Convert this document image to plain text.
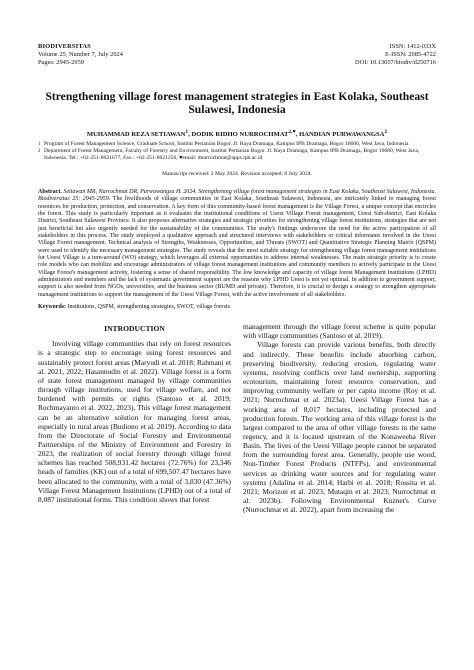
BIODIVERSITAS
Volume 25, Number 7, July 2024
Pages: 2945-2959
ISSN: 1412-033X
E-ISSN: 2085-4722
DOI: 10.13057/biodiv/d250716
Strengthening village forest management strategies in East Kolaka, Southeast Sulawesi, Indonesia
MUHAMMAD REZA SETIAWAN$^1$, DODIK RIDHO $NURROCHMAT^{2,♥}$, HANDIAN PURWAWANGSA$^2$
1 Program of Forest Management Science, Graduate School, Institut Pertanian Bogor. Jl. Raya Dramaga, Kampus IPB Dramaga, Bogor 16680, West Java, Indonesia
2 Department of Forest Management, Faculty of Forestry and Environment, Institut Pertanian Bogor. Jl. Raya Dramaga, Kampus IPB Dramaga, Bogor 16680, West Java, Indonesia. Tel.: +62-251-8621677, Fax.: +62-251-8621256, ♥email: dnurrochmat@apps.ipb.ac.id
Manuscript received: 2 May 2024. Revision accepted: 8 July 2024.
Abstract. Setiawan MR, Nurrochmat DR, Purwawangsa H. 2024. Strengthening village forest management strategies in East Kolaka, Southeast Sulawesi, Indonesia. Biodiversitas 25: 2945-2959. The livelihoods of village communities in East Kolaka, Southeast Sulawesi, Indonesia, are intricately linked to managing forest resources for production, protection, and conservation. A key form of this community-based forest management is the Village Forest, a unique concept that encircles the forest. This study is particularly important as it evaluates the institutional conditions of Ueesi Village Forest management, Ueesi Sub-district, East Kolaka District, Southeast Sulawesi Province. It also proposes alternative strategies and strategic priorities for strengthening village forest institutions, strategies that are not just beneficial but also urgently needed for the sustainability of the communities. The study's findings underscore the need for the active participation of all stakeholders in this process. The study employed a qualitative approach and structured interviews with stakeholders or critical informants involved in the Ueesi Village Forest management. Technical analysis of Strengths, Weaknesses, Opportunities, and Threats (SWOT) and Quantitative Strategic Planning Matrix (QSPM) were used to identify the necessary management strategies. The study reveals that the most suitable strategy for strengthening village forest management institutions for Ueesi Village is a turn-around (WO) strategy, which leverages all external opportunities to address internal weaknesses. The main strategic priority is to create role models who can mobilize and encourage administrators of village forest management institutions and community members to actively participate in the Ueesi Village Forest's management activity, fostering a sense of shared responsibility. The low knowledge and capacity of village forest Management Institutions (LPHD) administrators and members and the lack of systematic government support are the reasons why LPHD Ueesi is not yet optimal. In addition to government support, support is also needed from NGOs, universities, and the business sector (BUMD and private). Therefore, it is crucial to design a strategy to strengthen appropriate management institutions to support the management of the Ueesi Village Forest, with the active involvement of all stakeholders.
Keywords: Institutions, QSPM, strengthening strategies, SWOT, village forests
INTRODUCTION

Involving village communities that rely on forest resources is a strategic step to encourage using forest resources and sustainably protect forest areas (Maryudi et al. 2018; Rahmani et al. 2021, 2022; Hasannudin et al. 2022). Village forest is a form of state forest management managed by village communities through village institutions, used for village welfare, and not burdened with permits or rights (Santoso et al. 2019; Rochmayanto et al. 2022, 2023). This village forest management can be an alternative solution for managing forest areas, especially in rural areas (Budiono et al. 2019). According to data from the Directorate of Social Forestry and Environmental Partnerships of the Ministry of Environment and Forestry in 2023, the realization of social forestry through village forest schemes has reached 508,931.42 hectares (72.76%) for 23,346 heads of families (KK) out of a total of 699,507.47 hectares have been allocated to the community, with a total of 3,830 (47.36%) Village Forest Management Institutions (LPHD) out of a total of 8,087 institutional forms. This condition shows that forest

management through the village forest scheme is quite popular with village communities (Santoso et al. 2019).

Village forests can provide various benefits, both directly and indirectly. These benefits include absorbing carbon, preserving biodiversity, reducing erosion, regulating water systems, resolving conflicts over land ownership, supporting ecotourism, maintaining forest resource conservation, and improving community welfare or per capita income (Roy et al. 2021; Nurrochmat et al. 2023a). Ueesi Village Forest has a working area of 8,017 hectares, including protected and production forests. The working area of this village forest is the largest compared to the area of other village forests in the same regency, and it is located upstream of the Konaweeha River Basin. The lives of the Ueesi Village people cannot be separated from the surrounding forest area. Generally, people use wood, Non-Timber Forest Products (NTFPs), and environmental services as drinking water sources and for regulating water systems (Adalina et al. 2014; Harbi et al. 2018; Rossita et al. 2021; Morizon et al. 2023; Mutaqin et al. 2023; Nurrochmat et al. 2023b). Following Environmental Kuznet's Curve (Nurrochmat et al. 2022), apart from increasing the
